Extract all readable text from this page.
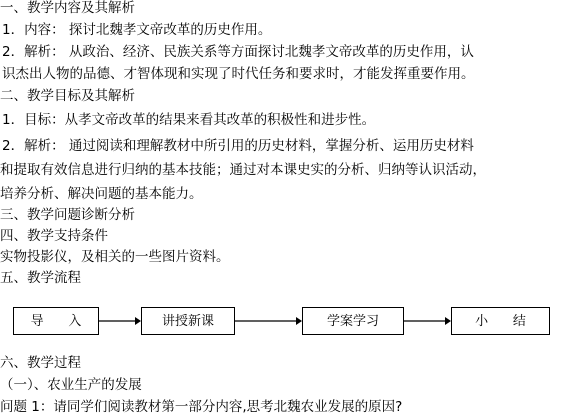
一、教学内容及其解析
1．内容： 探讨北魏孝文帝改革的历史作用。
2．解析： 从政治、经济、民族关系等方面探讨北魏孝文帝改革的历史作用，认
识杰出人物的品德、才智体现和实现了时代任务和要求时，才能发挥重要作用。
二、教学目标及其解析
1．目标：从孝文帝改革的结果来看其改革的积极性和进步性。
2．解析： 通过阅读和理解教材中所引用的历史材料，掌握分析、运用历史材料
和提取有效信息进行归纳的基本技能；通过对本课史实的分析、归纳等认识活动，
培养分析、解决问题的基本能力。
三、教学问题诊断分析
四、教学支持条件
实物投影仪，及相关的一些图片资料。
五、教学流程
导      入	讲授新课	学案学习	小      结
六、教学过程
（一）、农业生产的发展
问题 1：请同学们阅读教材第一部分内容,思考北魏农业发展的原因?
